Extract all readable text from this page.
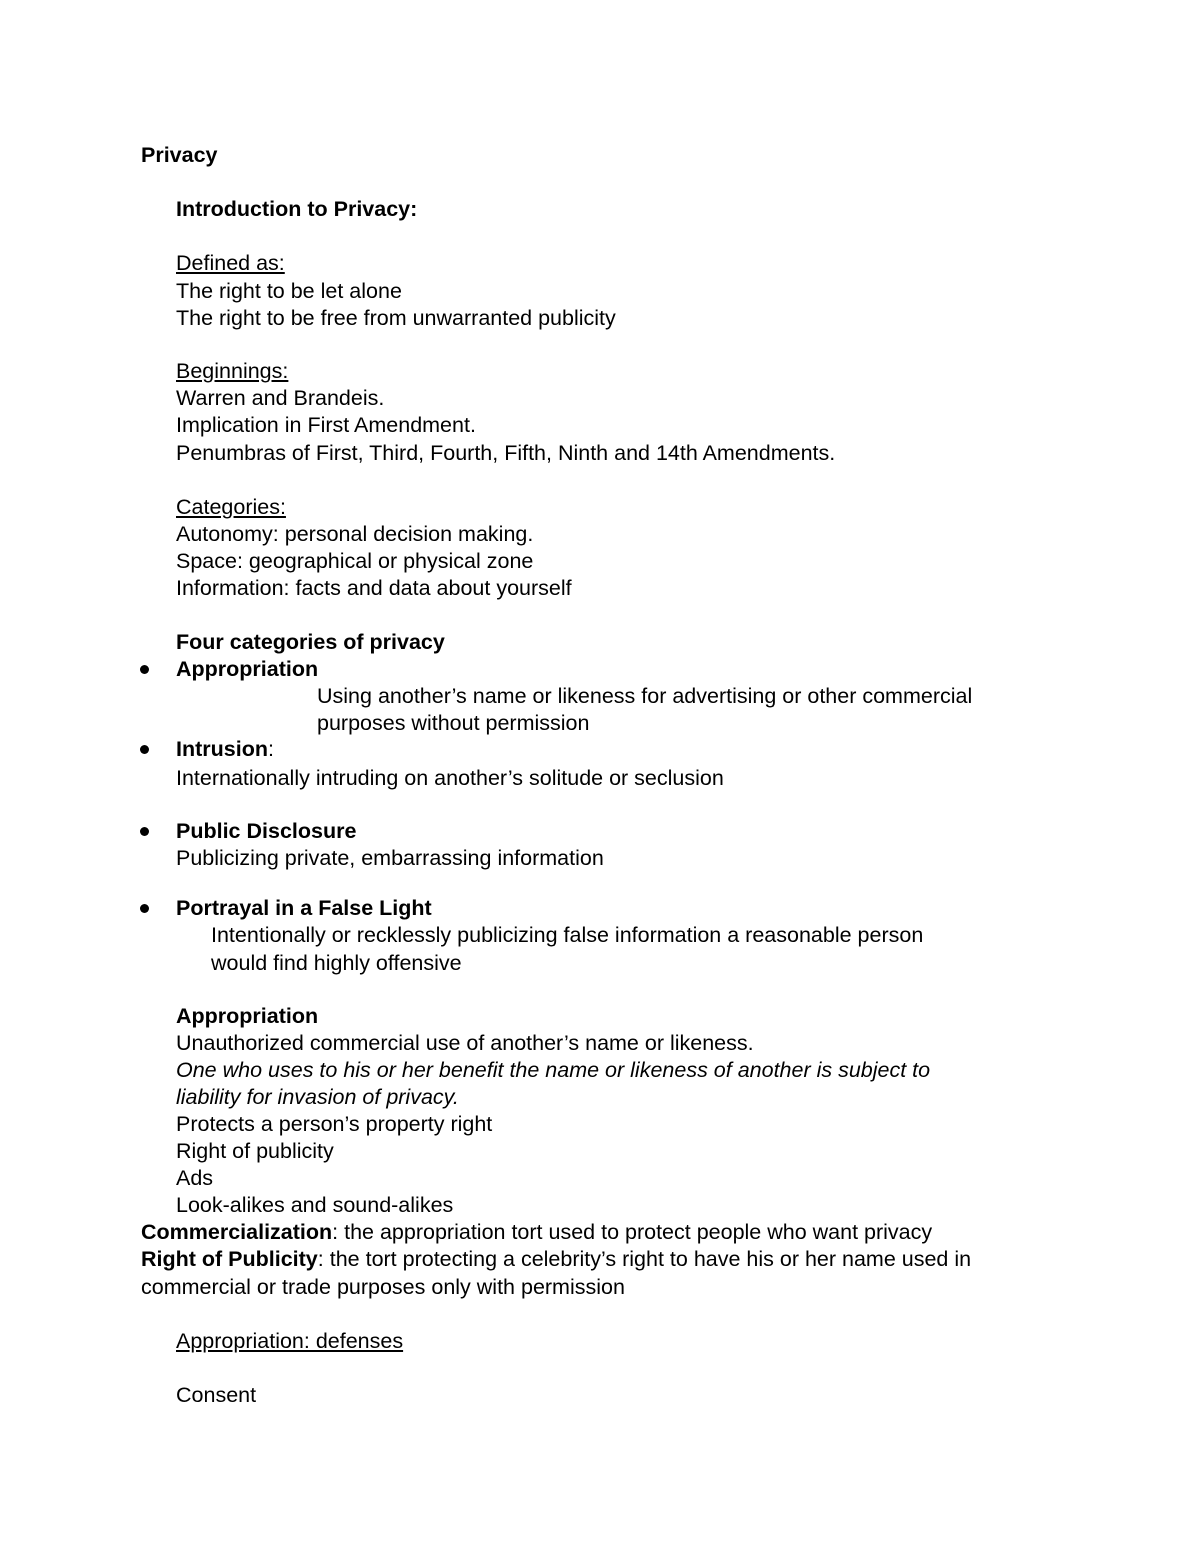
Privacy
Introduction to Privacy:
Defined as:
The right to be let alone
The right to be free from unwarranted publicity
Beginnings:
Warren and Brandeis.
Implication in First Amendment.
Penumbras of First, Third, Fourth, Fifth, Ninth and 14th Amendments.
Categories:
Autonomy: personal decision making.
Space: geographical or physical zone
Information: facts and data about yourself
Four categories of privacy
Appropriation
Using another’s name or likeness for advertising or other commercial
purposes without permission
Intrusion:
Internationally intruding on another’s solitude or seclusion
Public Disclosure
Publicizing private, embarrassing information
Portrayal in a False Light
Intentionally or recklessly publicizing false information a reasonable person
would find highly offensive
Appropriation
Unauthorized commercial use of another’s name or likeness.
One who uses to his or her benefit the name or likeness of another is subject to
liability for invasion of privacy.
Protects a person’s property right
Right of publicity
Ads
Look-alikes and sound-alikes
Commercialization: the appropriation tort used to protect people who want privacy
Right of Publicity: the tort protecting a celebrity’s right to have his or her name used in
commercial or trade purposes only with permission
Appropriation: defenses
Consent
